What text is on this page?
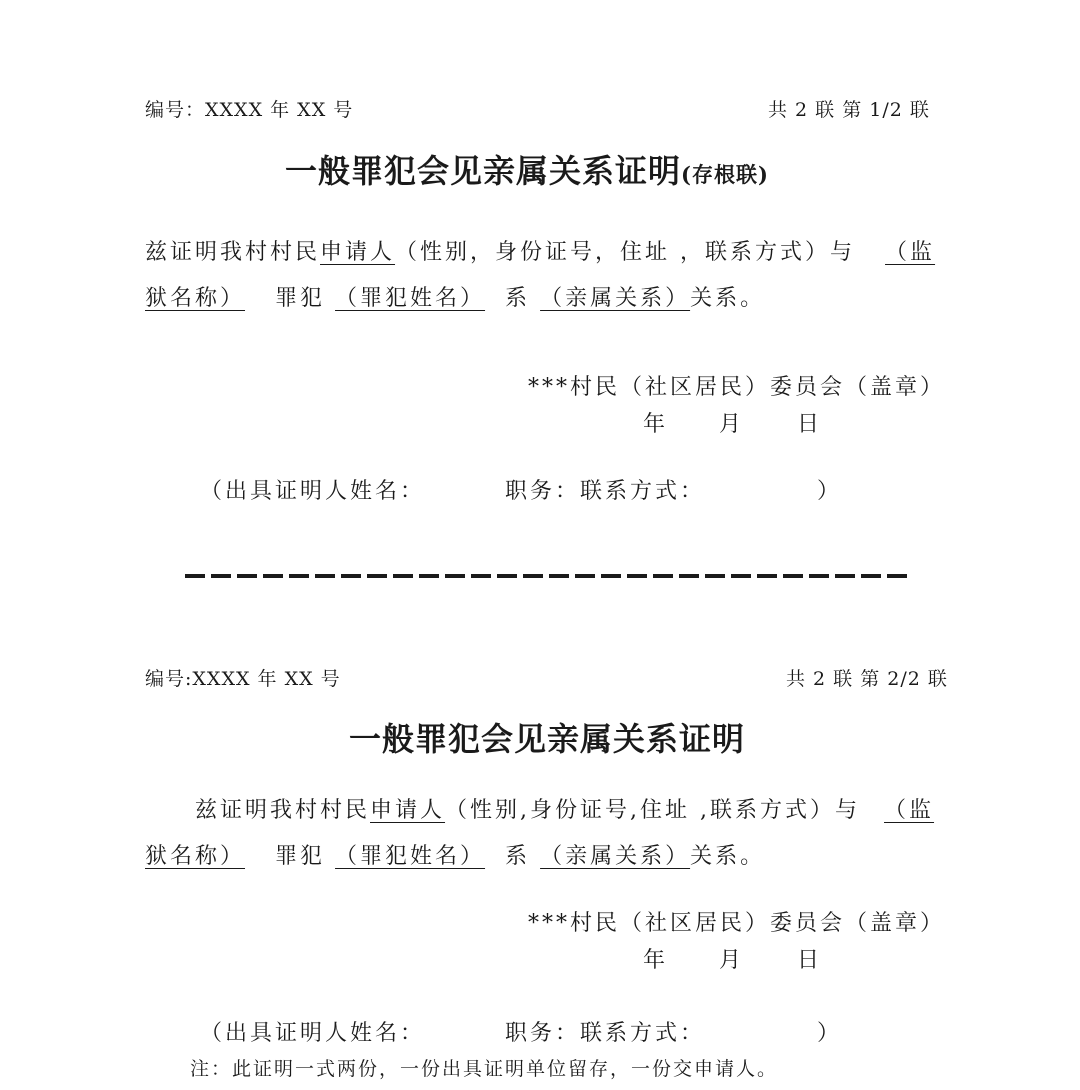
编号：XXXX 年 XX 号	共 2 联 第 1/2 联
一般罪犯会见亲属关系证明(存根联)
兹证明我村村民申请人（性别，身份证号，住址 ，联系方式）与 （监
狱名称） 罪犯 （罪犯姓名） 系 （亲属关系）关系。
***村民（社区居民）委员会（盖章）
年 月 日
（出具证明人姓名：	职务：联系方式：	）
编号:XXXX 年 XX 号	共 2 联 第 2/2 联
一般罪犯会见亲属关系证明
兹证明我村村民申请人（性别,身份证号,住址 ,联系方式）与 （监
狱名称） 罪犯 （罪犯姓名） 系 （亲属关系）关系。
***村民（社区居民）委员会（盖章）
年 月 日
（出具证明人姓名：	职务：联系方式：	）
注：此证明一式两份，一份出具证明单位留存，一份交申请人。
